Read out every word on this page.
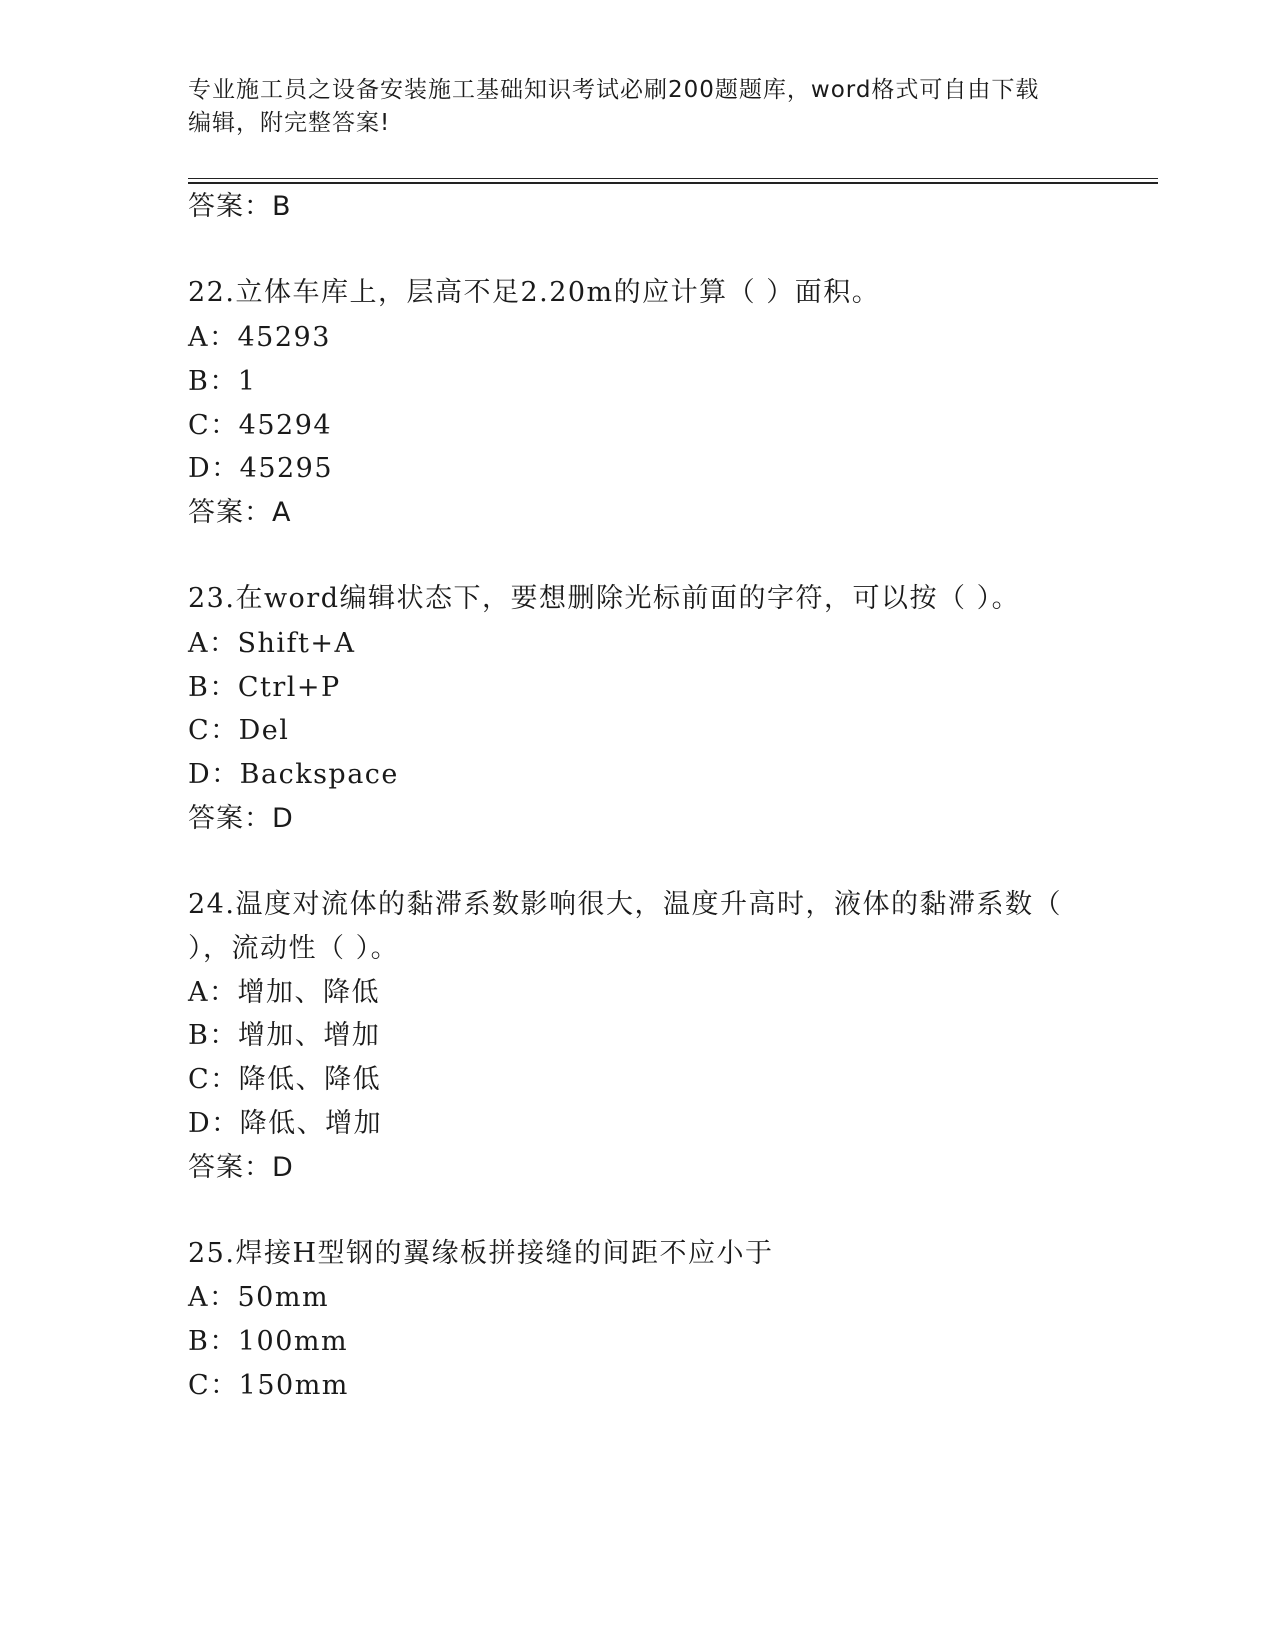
专业施工员之设备安装施工基础知识考试必刷200题题库，word格式可自由下载
编辑，附完整答案!
答案：B
22.立体车库上，层高不足2.20m的应计算（ ）面积。
A：45293
B：1
C：45294
D：45295
答案：A
23.在word编辑状态下，要想删除光标前面的字符，可以按（ ）。
A：Shift+A
B：Ctrl+P
C：Del
D：Backspace
答案：D
24.温度对流体的黏滞系数影响很大，温度升高时，液体的黏滞系数（
），流动性（ ）。
A：增加、降低
B：增加、增加
C：降低、降低
D：降低、增加
答案：D
25.焊接H型钢的翼缘板拼接缝的间距不应小于
A：50mm
B：100mm
C：150mm
